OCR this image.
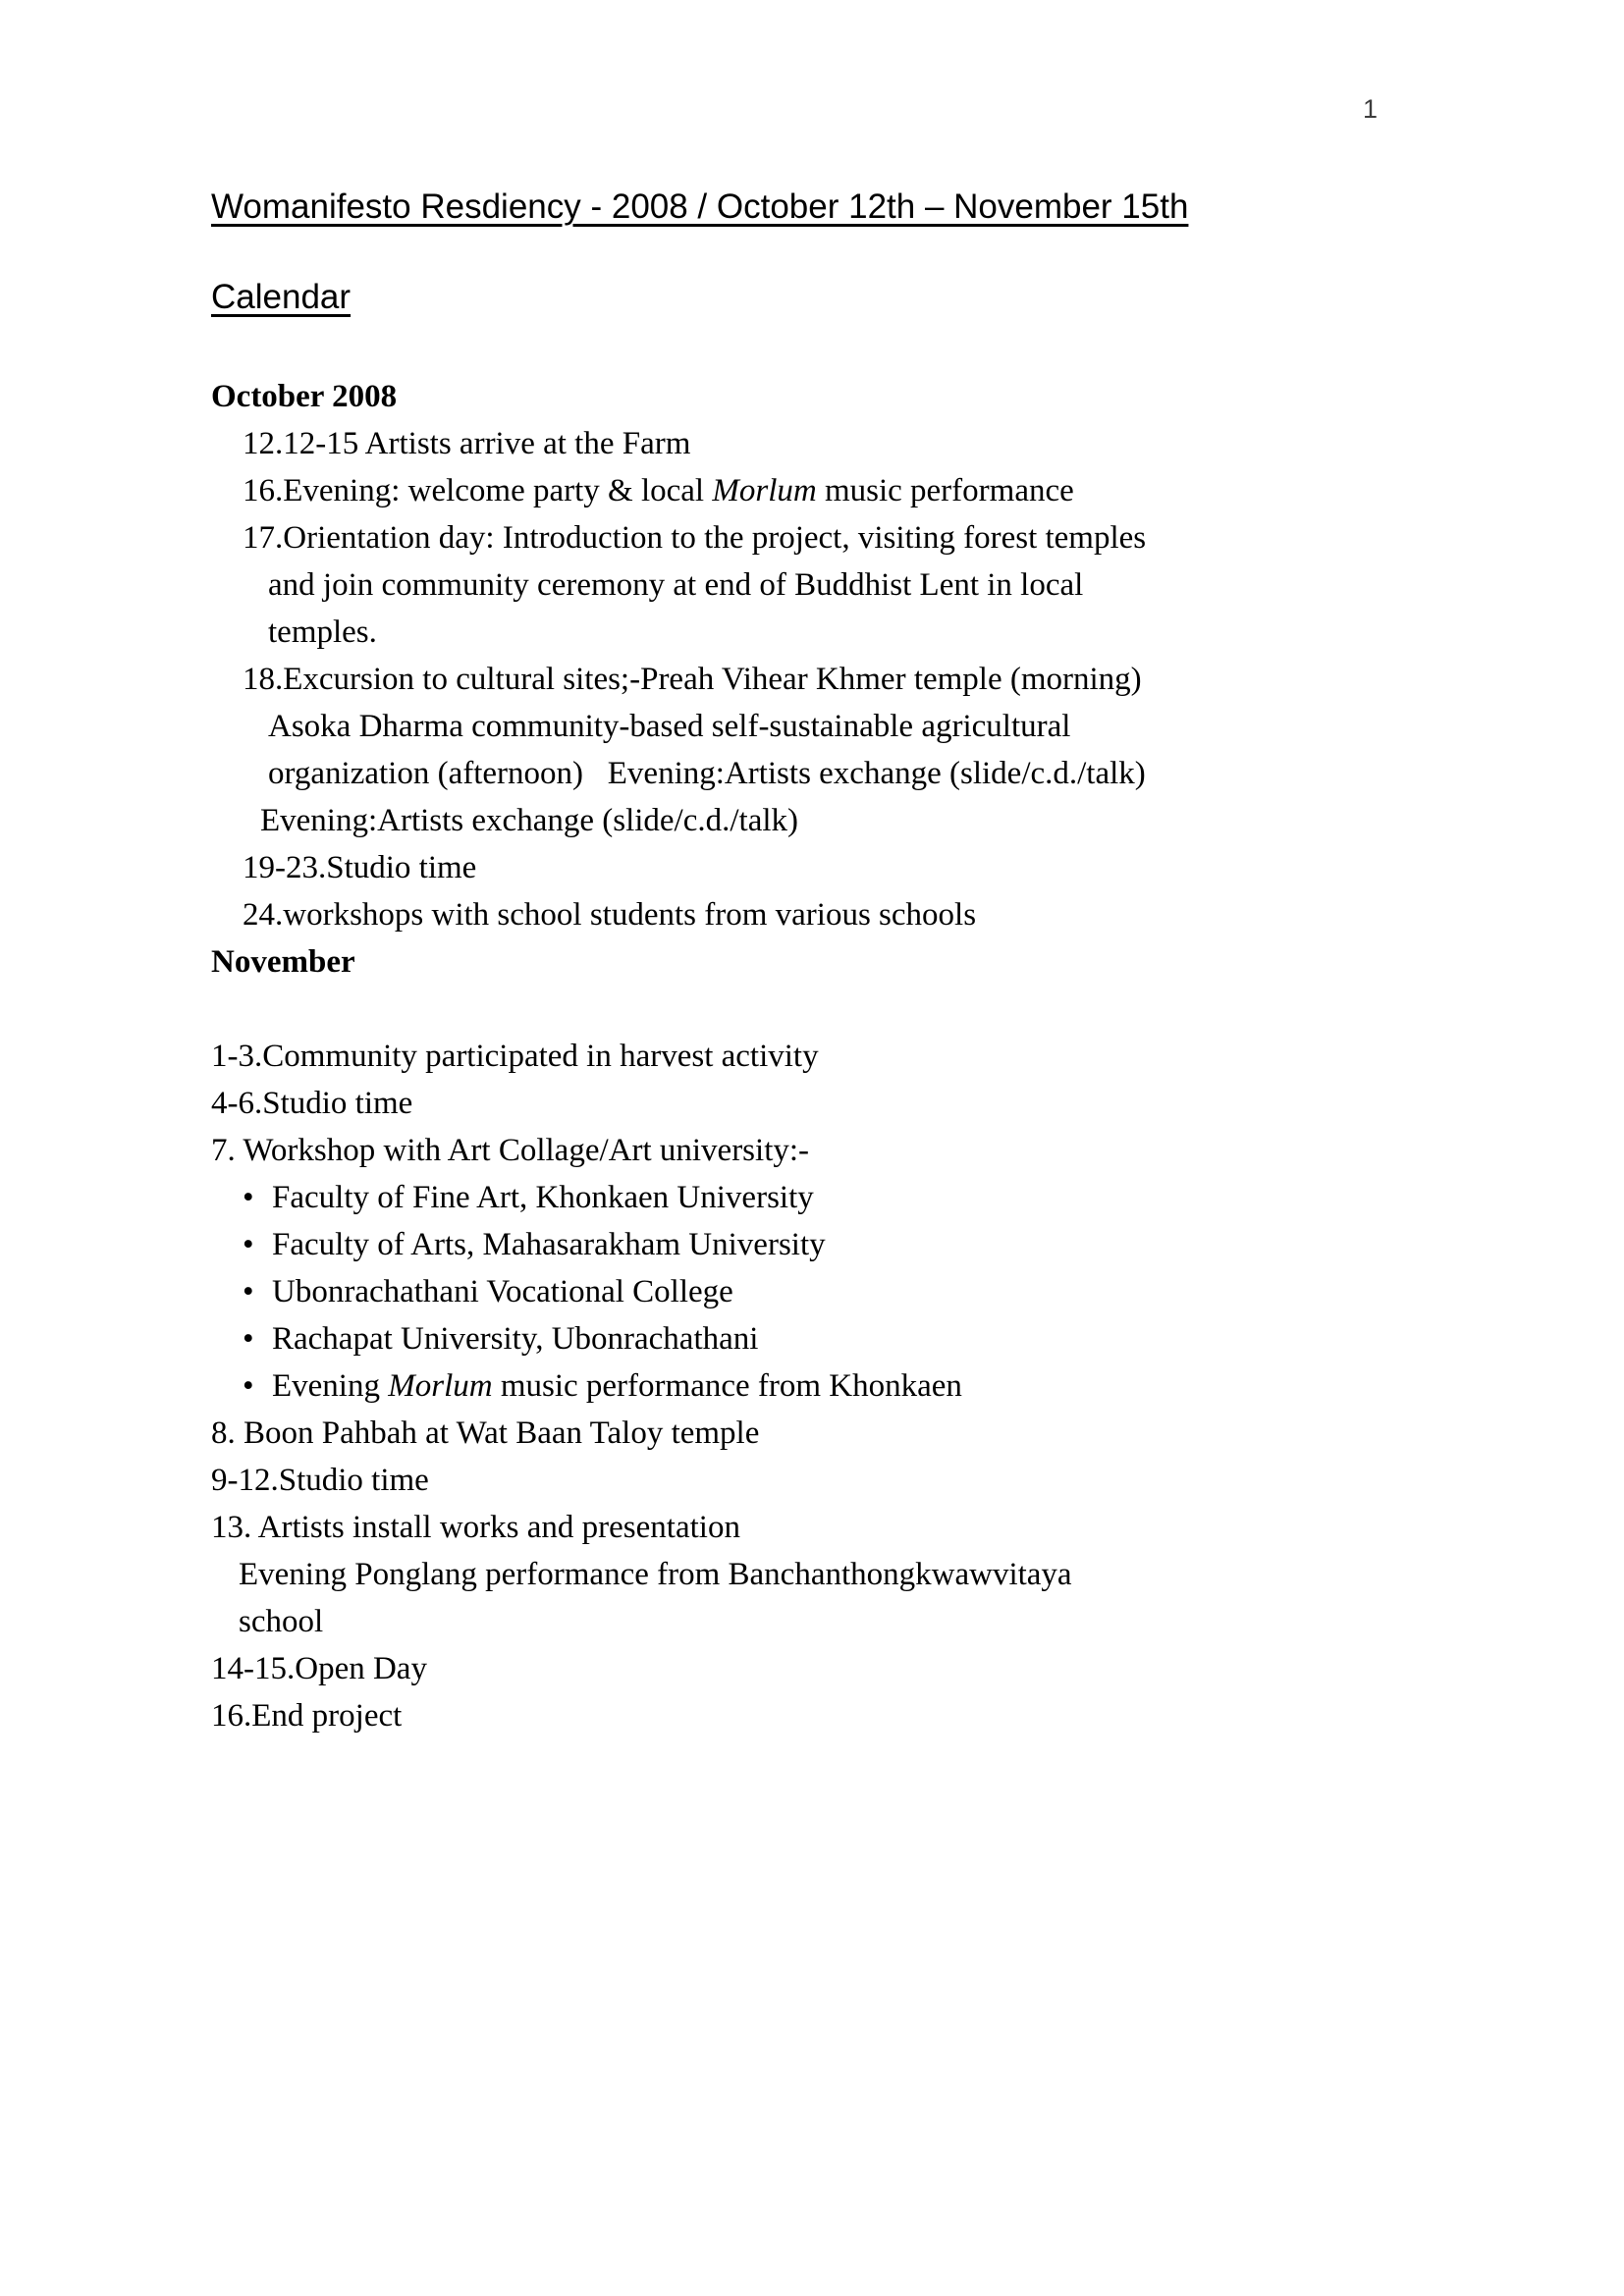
1
Womanifesto Resdiency - 2008 / October 12th – November 15th
Calendar
October 2008
12.12-15 Artists arrive at the Farm
16.Evening: welcome party & local Morlum music performance
17.Orientation day: Introduction to the project, visiting forest temples
and join community ceremony at end of Buddhist Lent in local
temples.
18.Excursion to cultural sites;-Preah Vihear Khmer temple (morning)
Asoka Dharma community-based self-sustainable agricultural
organization (afternoon)   Evening:Artists exchange (slide/c.d./talk)
Evening:Artists exchange (slide/c.d./talk)
19-23.Studio time
24.workshops with school students from various schools
November
1-3.Community participated in harvest activity
4-6.Studio time
7. Workshop with Art Collage/Art university:-
• Faculty of Fine Art, Khonkaen University
• Faculty of Arts, Mahasarakham University
• Ubonrachathani Vocational College
• Rachapat University, Ubonrachathani
• Evening Morlum music performance from Khonkaen
8. Boon Pahbah at Wat Baan Taloy temple
9-12.Studio time
13. Artists install works and presentation
Evening Ponglang performance from Banchanthongkwawvitaya
school
14-15.Open Day
16.End project
